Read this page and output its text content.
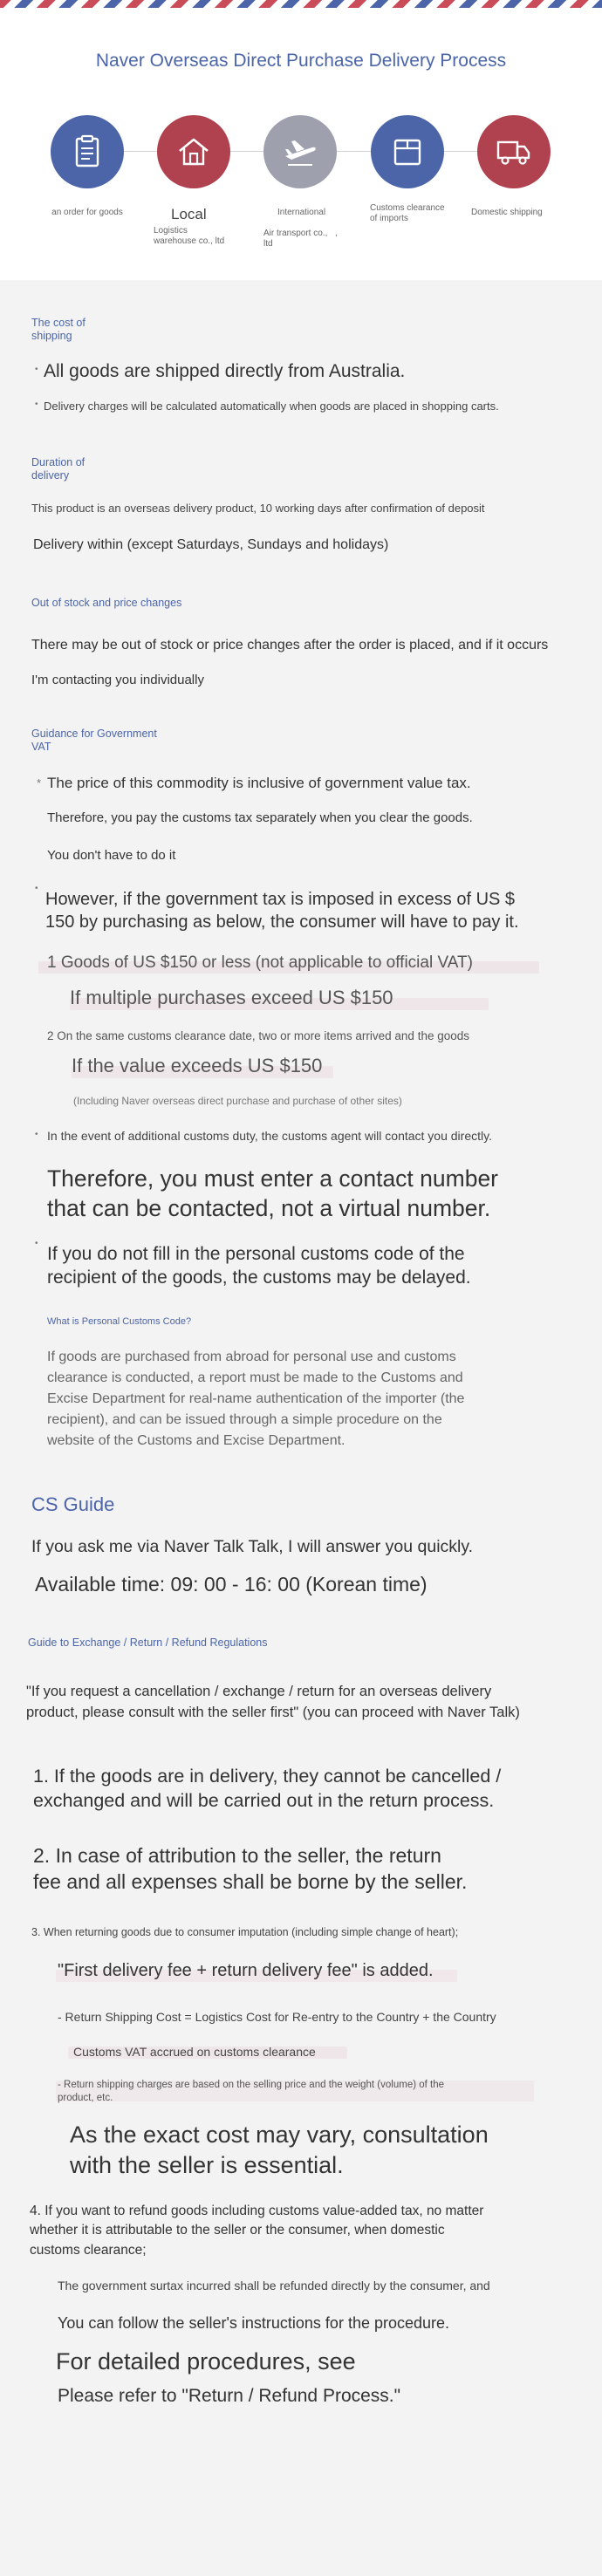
Naver Overseas Direct Purchase Delivery Process
an order for goods	Local
Logistics
warehouse co., ltd
International
Air transport co.,
ltd
,
Customs clearance
of imports
Domestic shipping
The cost of
shipping
• All goods are shipped directly from Australia.
• Delivery charges will be calculated automatically when goods are placed in shopping carts.
Duration of
delivery
This product is an overseas delivery product, 10 working days after confirmation of deposit
Delivery within (except Saturdays, Sundays and holidays)
Out of stock and price changes
There may be out of stock or price changes after the order is placed, and if it occurs
I'm contacting you individually
Guidance for Government
VAT
* The price of this commodity is inclusive of government value tax.
Therefore, you pay the customs tax separately when you clear the goods.
You don't have to do it
•
However, if the government tax is imposed in excess of US $
150 by purchasing as below, the consumer will have to pay it.
1 Goods of US $150 or less (not applicable to official VAT)
If multiple purchases exceed US $150
2 On the same customs clearance date, two or more items arrived and the goods
If the value exceeds US $150
(Including Naver overseas direct purchase and purchase of other sites)
• In the event of additional customs duty, the customs agent will contact you directly.
Therefore, you must enter a contact number
that can be contacted, not a virtual number.
•
If you do not fill in the personal customs code of the
recipient of the goods, the customs may be delayed.
What is Personal Customs Code?
If goods are purchased from abroad for personal use and customs
clearance is conducted, a report must be made to the Customs and
Excise Department for real-name authentication of the importer (the
recipient), and can be issued through a simple procedure on the
website of the Customs and Excise Department.
CS Guide
If you ask me via Naver Talk Talk, I will answer you quickly.
Available time: 09: 00 - 16: 00 (Korean time)
Guide to Exchange / Return / Refund Regulations
"If you request a cancellation / exchange / return for an overseas delivery
product, please consult with the seller first" (you can proceed with Naver Talk)
1. If the goods are in delivery, they cannot be cancelled /
exchanged and will be carried out in the return process.
2. In case of attribution to the seller, the return
fee and all expenses shall be borne by the seller.
3. When returning goods due to consumer imputation (including simple change of heart);
"First delivery fee + return delivery fee" is added.
- Return Shipping Cost = Logistics Cost for Re-entry to the Country + the Country
Customs VAT accrued on customs clearance
- Return shipping charges are based on the selling price and the weight (volume) of the
product, etc.
As the exact cost may vary, consultation
with the seller is essential.
4. If you want to refund goods including customs value-added tax, no matter
whether it is attributable to the seller or the consumer, when domestic
customs clearance;
The government surtax incurred shall be refunded directly by the consumer, and
You can follow the seller's instructions for the procedure.
For detailed procedures, see
Please refer to "Return / Refund Process."
